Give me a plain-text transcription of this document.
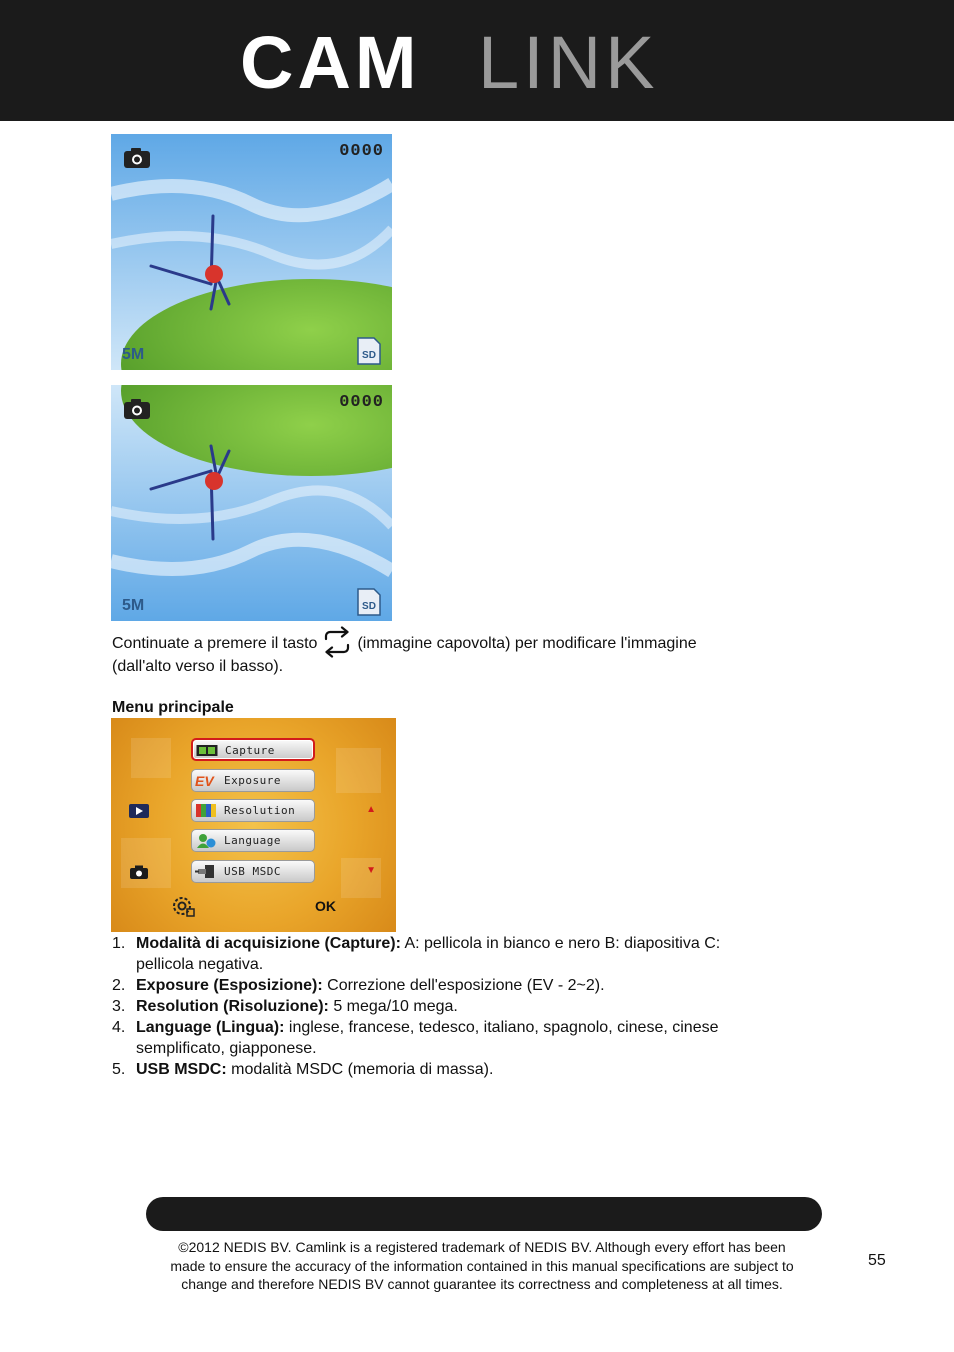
CAM LINK
0000
5M	SD
0000
5M	SD
Continuate a premere il tasto	(immagine capovolta) per modificare l'immagine
(dall'alto verso il basso).
Menu principale
Capture
EV Exposure
Resolution
Language
USB MSDC
▲
▼
OK
1. Modalità di acquisizione (Capture): A: pellicola in bianco e nero B: diapositiva C:
pellicola negativa.
2. Exposure (Esposizione): Correzione dell'esposizione (EV - 2~2).
3. Resolution (Risoluzione): 5 mega/10 mega.
4. Language (Lingua): inglese, francese, tedesco, italiano, spagnolo, cinese, cinese
semplificato, giapponese.
5. USB MSDC: modalità MSDC (memoria di massa).
©2012 NEDIS BV. Camlink is a registered trademark of NEDIS BV. Although every effort has been
made to ensure the accuracy of the information contained in this manual specifications are subject to
change and therefore NEDIS BV cannot guarantee its correctness and completeness at all times.
55
